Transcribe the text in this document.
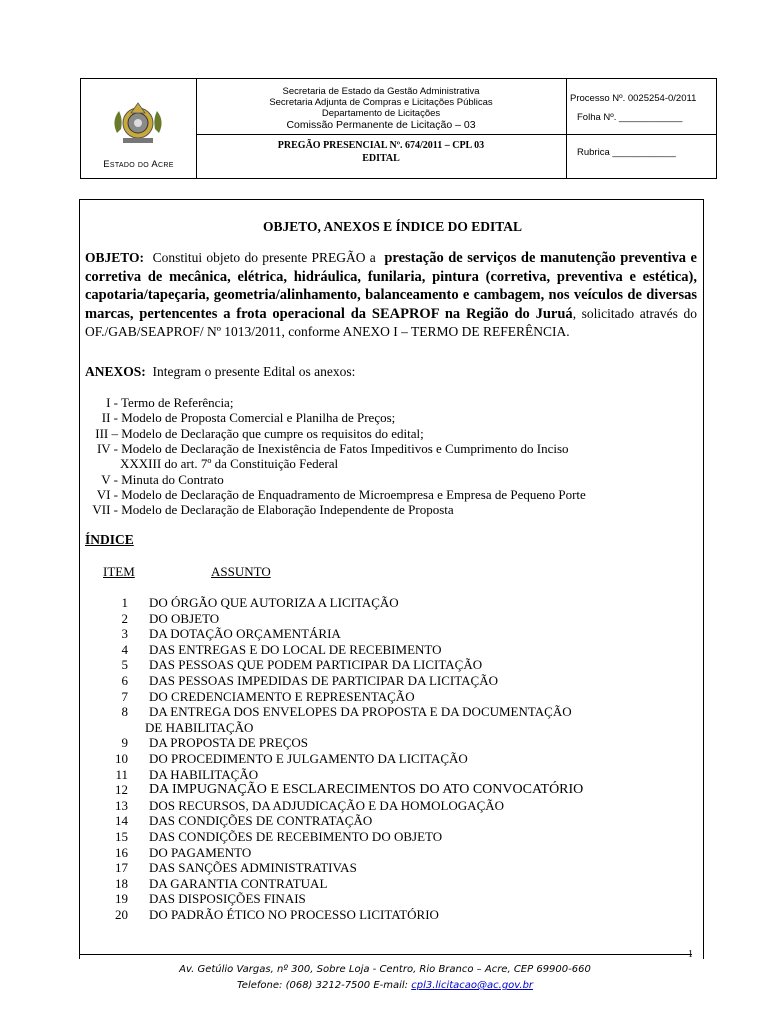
Estado do Acre
Secretaria de Estado da Gestão Administrativa
Secretaria Adjunta de Compras e Licitações Públicas
Departamento de Licitações
Comissão Permanente de Licitação – 03
PREGÃO PRESENCIAL Nº. 674/2011 – CPL 03
EDITAL
Processo Nº. 0025254-0/2011
Folha Nº. ____________
Rubrica ____________
OBJETO, ANEXOS E ÍNDICE DO EDITAL
OBJETO: Constitui objeto do presente PREGÃO a prestação de serviços de manutenção preventiva e corretiva de mecânica, elétrica, hidráulica, funilaria, pintura (corretiva, preventiva e estética), capotaria/tapeçaria, geometria/alinhamento, balanceamento e cambagem, nos veículos de diversas marcas, pertencentes a frota operacional da SEAPROF na Região do Juruá, solicitado através do OF./GAB/SEAPROF/ Nº 1013/2011, conforme ANEXO I – TERMO DE REFERÊNCIA.
ANEXOS: Integram o presente Edital os anexos:
I - Termo de Referência;
II - Modelo de Proposta Comercial e Planilha de Preços;
III – Modelo de Declaração que cumpre os requisitos do edital;
IV - Modelo de Declaração de Inexistência de Fatos Impeditivos e Cumprimento do Inciso
XXXIII do art. 7º da Constituição Federal
V - Minuta do Contrato
VI - Modelo de Declaração de Enquadramento de Microempresa e Empresa de Pequeno Porte
VII - Modelo de Declaração de Elaboração Independente de Proposta
ÍNDICE
ITEM	ASSUNTO
1 DO ÓRGÃO QUE AUTORIZA A LICITAÇÃO
2 DO OBJETO
3 DA DOTAÇÃO ORÇAMENTÁRIA
4 DAS ENTREGAS E DO LOCAL DE RECEBIMENTO
5 DAS PESSOAS QUE PODEM PARTICIPAR DA LICITAÇÃO
6 DAS PESSOAS IMPEDIDAS DE PARTICIPAR DA LICITAÇÃO
7 DO CREDENCIAMENTO E REPRESENTAÇÃO
8 DA ENTREGA DOS ENVELOPES DA PROPOSTA E DA DOCUMENTAÇÃO
DE HABILITAÇÃO
9 DA PROPOSTA DE PREÇOS
10 DO PROCEDIMENTO E JULGAMENTO DA LICITAÇÃO
11 DA HABILITAÇÃO
12 DA IMPUGNAÇÃO E ESCLARECIMENTOS DO ATO CONVOCATÓRIO
13 DOS RECURSOS, DA ADJUDICAÇÃO E DA HOMOLOGAÇÃO
14 DAS CONDIÇÕES DE CONTRATAÇÃO
15 DAS CONDIÇÕES DE RECEBIMENTO DO OBJETO
16 DO PAGAMENTO
17 DAS SANÇÕES ADMINISTRATIVAS
18 DA GARANTIA CONTRATUAL
19 DAS DISPOSIÇÕES FINAIS
20 DO PADRÃO ÉTICO NO PROCESSO LICITATÓRIO
1
Av. Getúlio Vargas, nº 300, Sobre Loja - Centro, Rio Branco – Acre, CEP 69900-660
Telefone: (068) 3212-7500 E-mail: cpl3.licitacao@ac.gov.br
